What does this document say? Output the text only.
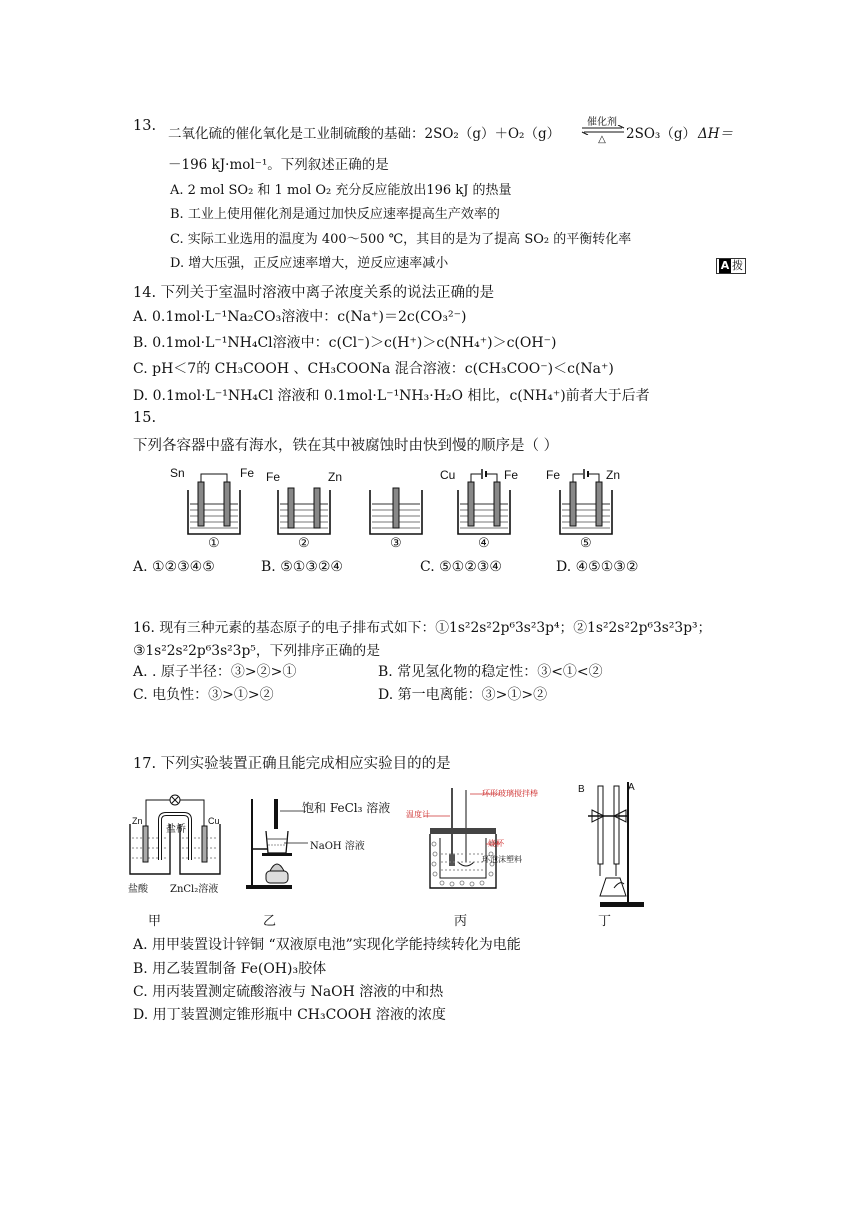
13. 二氧化硫的催化氧化是工业制硫酸的基础：2SO₂（g）＋O₂（g）
催化剂
△	2SO₃（g） ΔH＝
－196 kJ·mol⁻¹。下列叙述正确的是
A. 2 mol SO₂ 和 1 mol O₂ 充分反应能放出196 kJ 的热量
B. 工业上使用催化剂是通过加快反应速率提高生产效率的
C. 实际工业选用的温度为 400～500 ℃，其目的是为了提高 SO₂ 的平衡转化率
D. 增大压强，正反应速率增大，逆反应速率减小	A 拨
14. 下列关于室温时溶液中离子浓度关系的说法正确的是
A. 0.1mol·L⁻¹Na₂CO₃溶液中：c(Na⁺)＝2c(CO₃²⁻)
B. 0.1mol·L⁻¹NH₄Cl溶液中：c(Cl⁻)＞c(H⁺)＞c(NH₄⁺)＞c(OH⁻)
C. pH＜7的 CH₃COOH 、CH₃COONa 混合溶液：c(CH₃COO⁻)＜c(Na⁺)
D. 0.1mol·L⁻¹NH₄Cl 溶液和 0.1mol·L⁻¹NH₃·H₂O 相比，c(NH₄⁺)前者大于后者
15.
下列各容器中盛有海水，铁在其中被腐蚀时由快到慢的顺序是（ ）
Sn	Fe
①
Fe	Zn
②	③
Cu	Fe
④
Fe	Zn
⑤
A. ①②③④⑤	B. ⑤①③②④	C. ⑤①②③④	D. ④⑤①③②
16. 现有三种元素的基态原子的电子排布式如下：①1s²2s²2p⁶3s²3p⁴；②1s²2s²2p⁶3s²3p³；
③1s²2s²2p⁶3s²3p⁵，下列排序正确的是
A. . 原子半径：③>②>①	B. 常见氢化物的稳定性：③<①<②
C. 电负性：③>①>②	D. 第一电离能：③>①>②
17. 下列实验装置正确且能完成相应实验目的的是
Zn	Cu
盐桥
盐酸 ZnCl₂溶液
甲
饱和 FeCl₃ 溶液
NaOH 溶液
乙
环形玻璃搅拌棒
温度计
烧杯
环泡沫塑料
丙
B	A
丁
A. 用甲装置设计锌铜 “双液原电池”实现化学能持续转化为电能
B. 用乙装置制备 Fe(OH)₃胶体
C. 用丙装置测定硫酸溶液与 NaOH 溶液的中和热
D. 用丁装置测定锥形瓶中 CH₃COOH 溶液的浓度
